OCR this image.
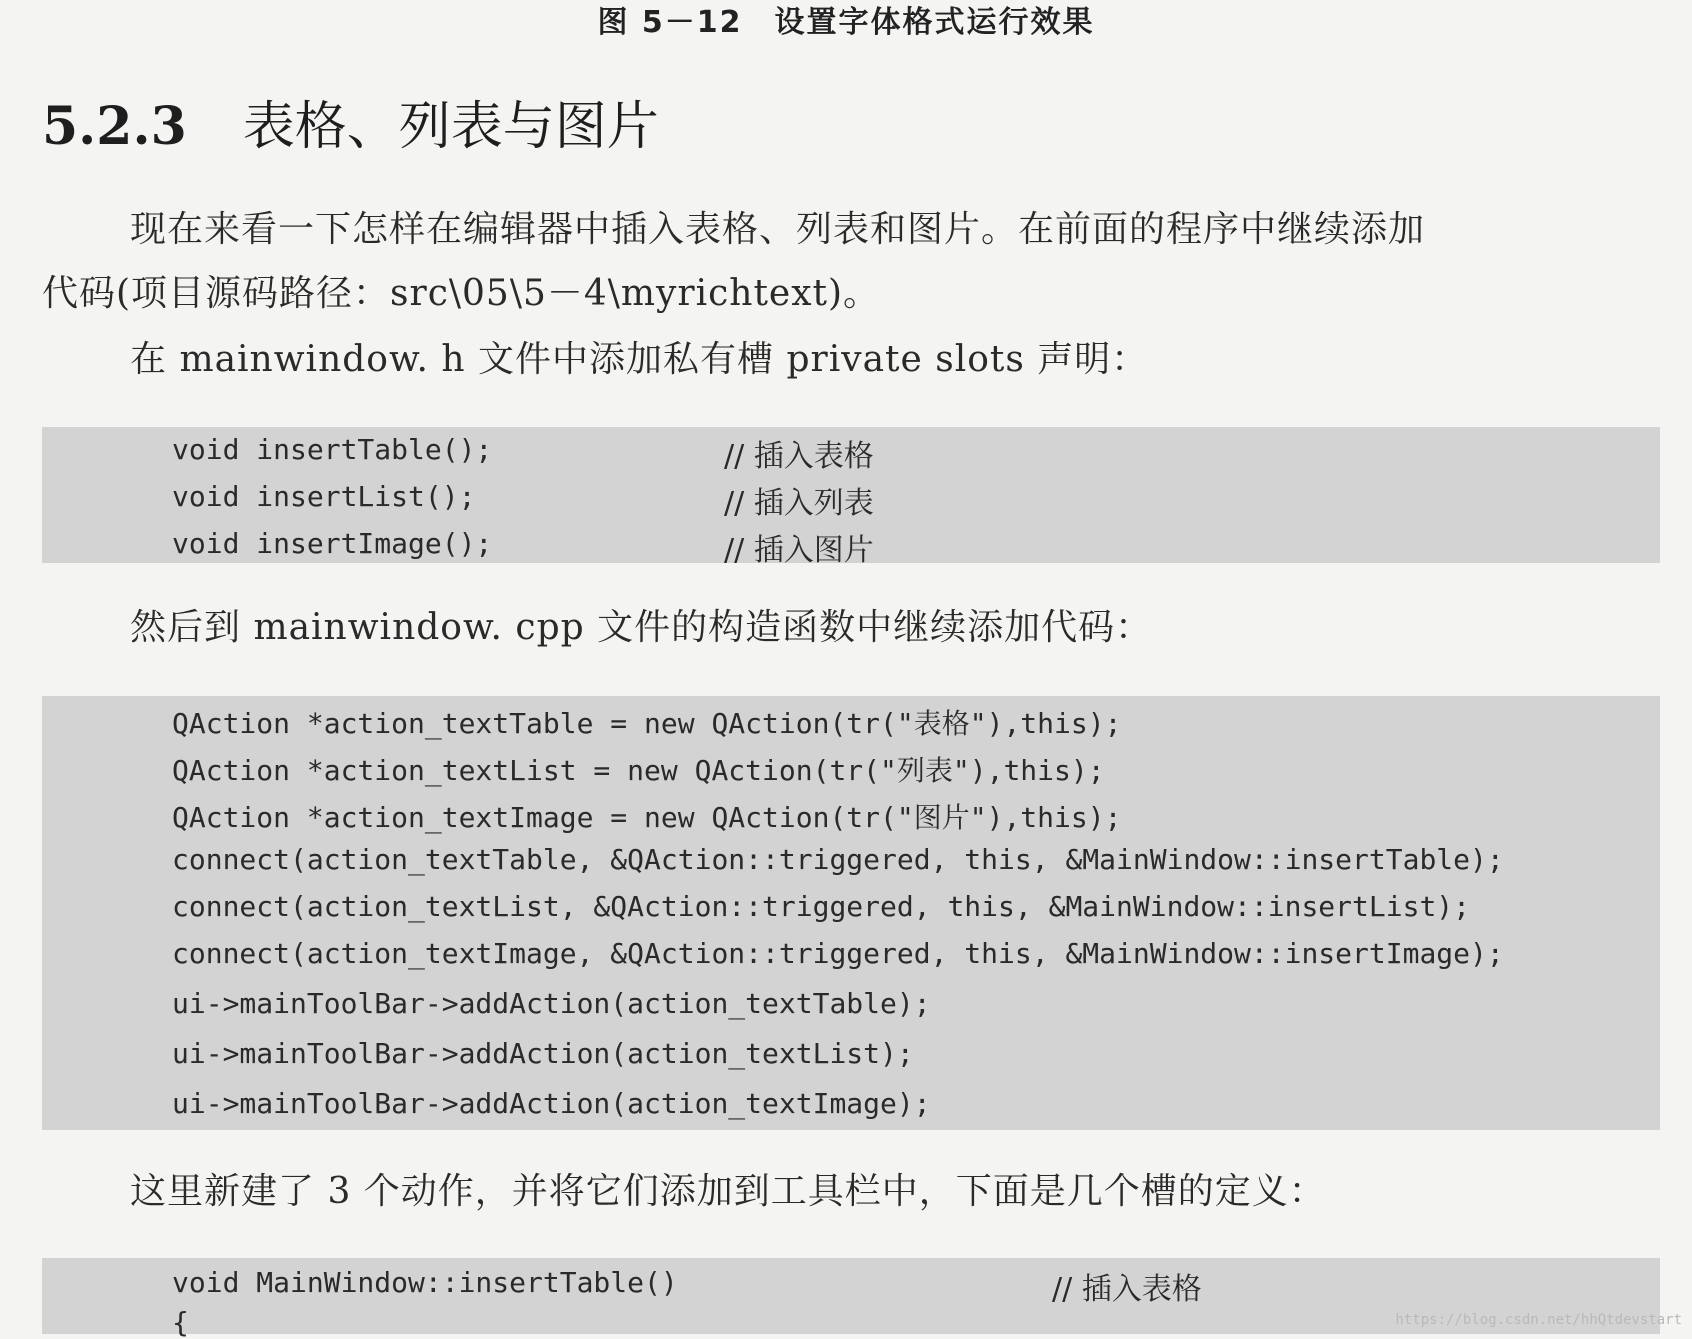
图 5－12　设置字体格式运行效果
5.2.3 表格、列表与图片
现在来看一下怎样在编辑器中插入表格、列表和图片。在前面的程序中继续添加
代码(项目源码路径：src\05\5－4\myrichtext)。
在 mainwindow. h 文件中添加私有槽 private slots 声明：
void insertTable();	// 插入表格
void insertList();	// 插入列表
void insertImage();	// 插入图片
然后到 mainwindow. cpp 文件的构造函数中继续添加代码：
QAction *action_textTable = new QAction(tr("表格"),this);
QAction *action_textList = new QAction(tr("列表"),this);
QAction *action_textImage = new QAction(tr("图片"),this);
connect(action_textTable, &QAction::triggered, this, &MainWindow::insertTable);
connect(action_textList, &QAction::triggered, this, &MainWindow::insertList);
connect(action_textImage, &QAction::triggered, this, &MainWindow::insertImage);
ui->mainToolBar->addAction(action_textTable);
ui->mainToolBar->addAction(action_textList);
ui->mainToolBar->addAction(action_textImage);
这里新建了 3 个动作，并将它们添加到工具栏中，下面是几个槽的定义：
void MainWindow::insertTable()	// 插入表格
{	https://blog.csdn.net/hhQtdevstart
